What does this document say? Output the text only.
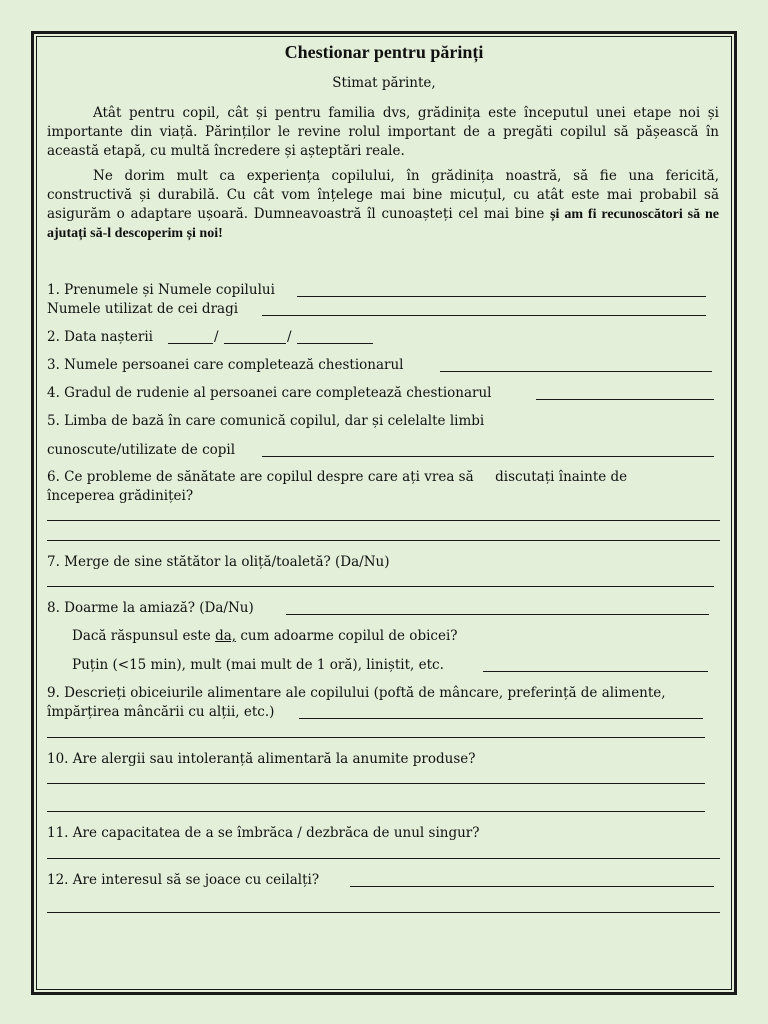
Chestionar pentru părinți
Stimat părinte,
Atât pentru copil, cât și pentru familia dvs, grădinița este începutul unei etape noi și importante din viață. Părinților le revine rolul important de a pregăti copilul să pășească în această etapă, cu multă încredere și așteptări reale.
Ne dorim mult ca experiența copilului, în grădinița noastră, să fie una fericită, constructivă și durabilă. Cu cât vom înțelege mai bine micuțul, cu atât este mai probabil să asigurăm o adaptare ușoară. Dumneavoastră îl cunoașteți cel mai bine și am fi recunoscători să ne ajutați să-l descoperim și noi!
1. Prenumele și Numele copilului
Numele utilizat de cei dragi
2. Data nașterii	/	/
3. Numele persoanei care completează chestionarul
4. Gradul de rudenie al persoanei care completează chestionarul
5. Limba de bază în care comunică copilul, dar și celelalte limbi
cunoscute/utilizate de copil
6. Ce probleme de sănătate are copilul despre care ați vrea să     discutați înainte de
începerea grădiniței?
7. Merge de sine stătător la oliță/toaletă? (Da/Nu)
8. Doarme la amiază? (Da/Nu)
Dacă răspunsul este da, cum adoarme copilul de obicei?
Puțin (<15 min), mult (mai mult de 1 oră), liniștit, etc.
9. Descrieți obiceiurile alimentare ale copilului (poftă de mâncare, preferință de alimente,
împărțirea mâncării cu alții, etc.)
10. Are alergii sau intoleranță alimentară la anumite produse?
11. Are capacitatea de a se îmbrăca / dezbrăca de unul singur?
12. Are interesul să se joace cu ceilalți?
